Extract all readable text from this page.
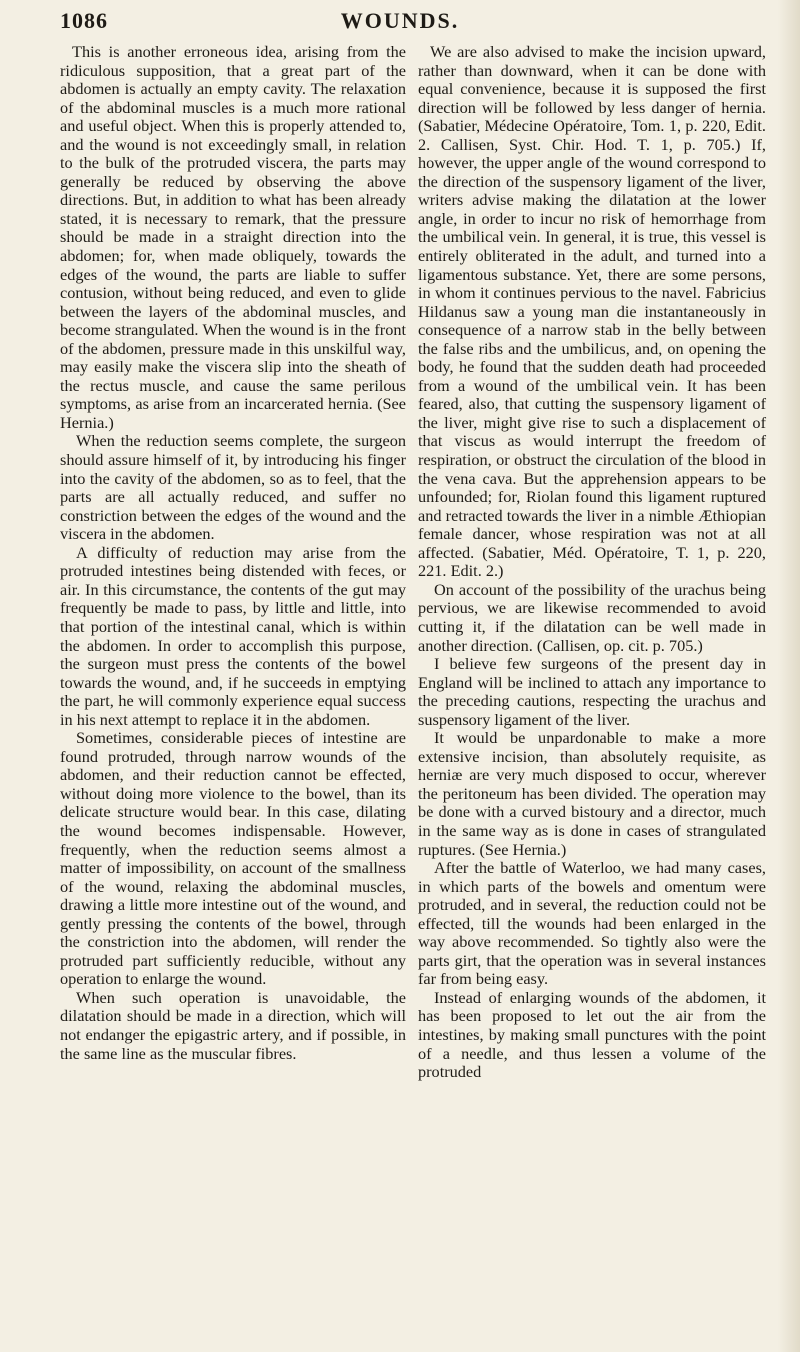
1086	WOUNDS.

This is another erroneous idea, arising from the ridiculous supposition, that a great part of the abdomen is actually an empty cavity. The relaxation of the abdominal muscles is a much more rational and useful object. When this is properly attended to, and the wound is not exceedingly small, in relation to the bulk of the protruded viscera, the parts may generally be reduced by observing the above directions. But, in addition to what has been already stated, it is necessary to remark, that the pressure should be made in a straight direction into the abdomen; for, when made obliquely, towards the edges of the wound, the parts are liable to suffer contusion, without being reduced, and even to glide between the layers of the abdominal muscles, and become strangulated. When the wound is in the front of the abdomen, pressure made in this unskilful way, may easily make the viscera slip into the sheath of the rectus muscle, and cause the same perilous symptoms, as arise from an incarcerated hernia. (See Hernia.)

When the reduction seems complete, the surgeon should assure himself of it, by introducing his finger into the cavity of the abdomen, so as to feel, that the parts are all actually reduced, and suffer no constriction between the edges of the wound and the viscera in the abdomen.

A difficulty of reduction may arise from the protruded intestines being distended with feces, or air. In this circumstance, the contents of the gut may frequently be made to pass, by little and little, into that portion of the intestinal canal, which is within the abdomen. In order to accomplish this purpose, the surgeon must press the contents of the bowel towards the wound, and, if he succeeds in emptying the part, he will commonly experience equal success in his next attempt to replace it in the abdomen.

Sometimes, considerable pieces of intestine are found protruded, through narrow wounds of the abdomen, and their reduction cannot be effected, without doing more violence to the bowel, than its delicate structure would bear. In this case, dilating the wound becomes indispensable. However, frequently, when the reduction seems almost a matter of impossibility, on account of the smallness of the wound, relaxing the abdominal muscles, drawing a little more intestine out of the wound, and gently pressing the contents of the bowel, through the constriction into the abdomen, will render the protruded part sufficiently reducible, without any operation to enlarge the wound.

When such operation is unavoidable, the dilatation should be made in a direction, which will not endanger the epigastric artery, and if possible, in the same line as the muscular fibres.

We are also advised to make the incision upward, rather than downward, when it can be done with equal convenience, because it is supposed the first direction will be followed by less danger of hernia. (Sabatier, Médecine Opératoire, Tom. 1, p. 220, Edit. 2. Callisen, Syst. Chir. Hod. T. 1, p. 705.) If, however, the upper angle of the wound correspond to the direction of the suspensory ligament of the liver, writers advise making the dilatation at the lower angle, in order to incur no risk of hemorrhage from the umbilical vein. In general, it is true, this vessel is entirely obliterated in the adult, and turned into a ligamentous substance. Yet, there are some persons, in whom it continues pervious to the navel. Fabricius Hildanus saw a young man die instantaneously in consequence of a narrow stab in the belly between the false ribs and the umbilicus, and, on opening the body, he found that the sudden death had proceeded from a wound of the umbilical vein. It has been feared, also, that cutting the suspensory ligament of the liver, might give rise to such a displacement of that viscus as would interrupt the freedom of respiration, or obstruct the circulation of the blood in the vena cava. But the apprehension appears to be unfounded; for, Riolan found this ligament ruptured and retracted towards the liver in a nimble Æthiopian female dancer, whose respiration was not at all affected. (Sabatier, Méd. Opératoire, T. 1, p. 220, 221. Edit. 2.)

On account of the possibility of the urachus being pervious, we are likewise recommended to avoid cutting it, if the dilatation can be well made in another direction. (Callisen, op. cit. p. 705.)

I believe few surgeons of the present day in England will be inclined to attach any importance to the preceding cautions, respecting the urachus and suspensory ligament of the liver.

It would be unpardonable to make a more extensive incision, than absolutely requisite, as herniæ are very much disposed to occur, wherever the peritoneum has been divided. The operation may be done with a curved bistoury and a director, much in the same way as is done in cases of strangulated ruptures. (See Hernia.)

After the battle of Waterloo, we had many cases, in which parts of the bowels and omentum were protruded, and in several, the reduction could not be effected, till the wounds had been enlarged in the way above recommended. So tightly also were the parts girt, that the operation was in several instances far from being easy.

Instead of enlarging wounds of the abdomen, it has been proposed to let out the air from the intestines, by making small punctures with the point of a needle, and thus lessen a volume of the protruded
